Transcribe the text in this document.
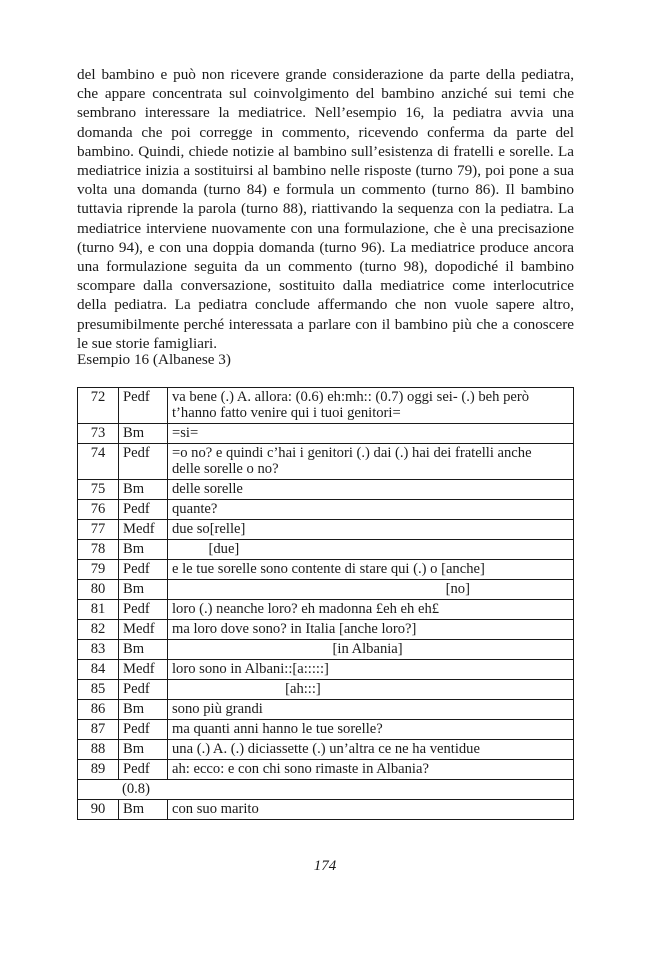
del bambino e può non ricevere grande considerazione da parte della pediatra, che appare concentrata sul coinvolgimento del bambino anziché sui temi che sembrano interessare la mediatrice. Nell’esempio 16, la pediatra avvia una domanda che poi corregge in commento, ricevendo conferma da parte del bambino. Quindi, chiede notizie al bambino sull’esistenza di fratelli e sorelle. La mediatrice inizia a sostituirsi al bambino nelle risposte (turno 79), poi pone a sua volta una domanda (turno 84) e formula un commento (turno 86). Il bambino tuttavia riprende la parola (turno 88), riattivando la sequenza con la pediatra. La mediatrice interviene nuovamente con una formulazione, che è una precisazione (turno 94), e con una doppia domanda (turno 96). La mediatrice produce ancora una formulazione seguita da un commento (turno 98), dopodiché il bambino scompare dalla conversazione, sostituito dalla mediatrice come interlocutrice della pediatra. La pediatra conclude affermando che non vuole sapere altro, presumibilmente perché interessata a parlare con il bambino più che a conoscere le sue storie famigliari.

Esempio 16 (Albanese 3)

72	Pedf	va bene (.) A. allora: (0.6) eh:mh:: (0.7) oggi sei- (.) beh però t’hanno fatto venire qui i tuoi genitori=
73	Bm	=si=
74	Pedf	=o no? e quindi c’hai i genitori (.) dai (.) hai dei fratelli anche
delle sorelle o no?
75	Bm	delle sorelle
76	Pedf	quante?
77	Medf	due so[relle]
78	Bm	[due]
79	Pedf	e le tue sorelle sono contente di stare qui (.) o [anche]
80	Bm	[no]
81	Pedf	loro (.) neanche loro? eh madonna £eh eh eh£
82	Medf	ma loro dove sono? in Italia [anche loro?]
83	Bm	[in Albania]
84	Medf	loro sono in Albani::[a:::::]
85	Pedf	[ah:::]
86	Bm	sono più grandi
87	Pedf	ma quanti anni hanno le tue sorelle?
88	Bm	una (.) A. (.) diciassette (.) un’altra ce ne ha ventidue
89	Pedf	ah: ecco: e con chi sono rimaste in Albania?
(0.8)		
90	Bm	con suo marito
174
